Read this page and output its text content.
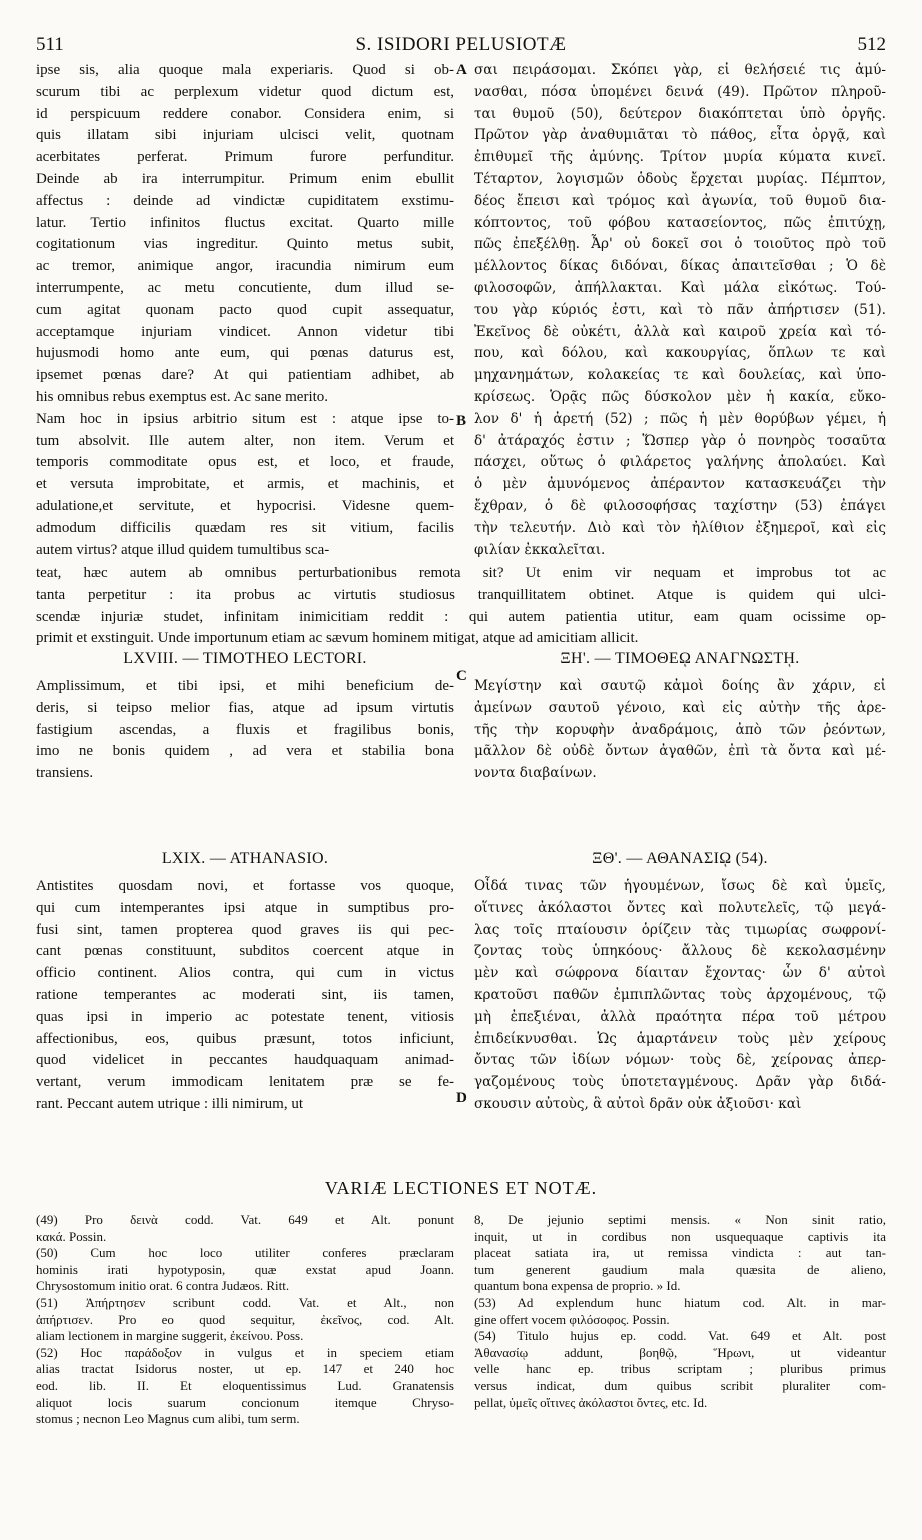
511	S. ISIDORI PELUSIOTÆ	512
ipse sis, alia quoque mala experiaris. Quod si ob-
scurum tibi ac perplexum videtur quod dictum est,
id perspicuum reddere conabor. Considera enim, si
quis illatam sibi injuriam ulcisci velit, quotnam
acerbitates perferat. Primum furore perfunditur.
Deinde ab ira interrumpitur. Primum enim ebullit
affectus : deinde ad vindictæ cupiditatem exstimu-
latur. Tertio infinitos fluctus excitat. Quarto mille
cogitationum vias ingreditur. Quinto metus subit,
ac tremor, animique angor, iracundia nimirum eum
interrumpente, ac metu concutiente, dum illud se-
cum agitat quonam pacto quod cupit assequatur,
acceptamque injuriam vindicet. Annon videtur tibi
hujusmodi homo ante eum, qui pœnas daturus est,
ipsemet pœnas dare? At qui patientiam adhibet, ab
his omnibus rebus exemptus est. Ac sane merito.
Nam hoc in ipsius arbitrio situm est : atque ipse to-
tum absolvit. Ille autem alter, non item. Verum et
temporis commoditate opus est, et loco, et fraude,
et versuta improbitate, et armis, et machinis, et
adulatione,et servitute, et hypocrisi. Videsne quem-
admodum difficilis quædam res sit vitium, facilis
autem virtus? atque illud quidem tumultibus sca-
σαι πειράσομαι. Σκόπει γὰρ, εἰ θελήσειέ τις ἀμύ-
νασθαι, πόσα ὑπομένει δεινά (49). Πρῶτον πληροῦ-
ται θυμοῦ (50), δεύτερον διακόπτεται ὑπὸ ὀργῆς.
Πρῶτον γὰρ ἀναθυμιᾶται τὸ πάθος, εἶτα ὀργᾷ, καὶ
ἐπιθυμεῖ τῆς ἀμύνης. Τρίτον μυρία κύματα κινεῖ.
Τέταρτον, λογισμῶν ὁδοὺς ἔρχεται μυρίας. Πέμπτον,
δέος ἔπεισι καὶ τρόμος καὶ ἀγωνία, τοῦ θυμοῦ δια-
κόπτοντος, τοῦ φόβου κατασείοντος, πῶς ἐπιτύχῃ,
πῶς ἐπεξέλθῃ. Ἆρ' οὐ δοκεῖ σοι ὁ τοιοῦτος πρὸ τοῦ
μέλλοντος δίκας διδόναι, δίκας ἀπαιτεῖσθαι ; Ὁ δὲ
φιλοσοφῶν, ἀπήλλακται. Καὶ μάλα εἰκότως. Τού-
του γὰρ κύριός ἐστι, καὶ τὸ πᾶν ἀπήρτισεν (51).
Ἐκεῖνος δὲ οὐκέτι, ἀλλὰ καὶ καιροῦ χρεία καὶ τό-
που, καὶ δόλου, καὶ κακουργίας, ὅπλων τε καὶ
μηχανημάτων, κολακείας τε καὶ δουλείας, καὶ ὑπο-
κρίσεως. Ὁρᾷς πῶς δύσκολον μὲν ἡ κακία, εὔκο-
λον δ' ἡ ἀρετή (52) ; πῶς ἡ μὲν θορύβων γέμει, ἡ
δ' ἀτάραχός ἐστιν ; Ὥσπερ γὰρ ὁ πονηρὸς τοσαῦτα
πάσχει, οὕτως ὁ φιλάρετος γαλήνης ἀπολαύει. Καὶ
ὁ μὲν ἀμυνόμενος ἀπέραντον κατασκευάζει τὴν
ἔχθραν, ὁ δὲ φιλοσοφήσας ταχίστην (53) ἐπάγει
τὴν τελευτήν. Διὸ καὶ τὸν ἠλίθιον ἐξημεροῖ, καὶ εἰς
φιλίαν ἐκκαλεῖται.
A
B
teat, hæc autem ab omnibus perturbationibus remota sit? Ut enim vir nequam et improbus tot ac
tanta perpetitur : ita probus ac virtutis studiosus tranquillitatem obtinet. Atque is quidem qui ulci-
scendæ injuriæ studet, infinitam inimicitiam reddit : qui autem patientia utitur, eam quam ocissime op-
primit et exstinguit. Unde importunum etiam ac sævum hominem mitigat, atque ad amicitiam allicit.
LXVIII. — TIMOTHEO LECTORI.	ΞΗ'. — ΤΙΜΟΘΕῼ ΑΝΑΓΝΩΣΤῌ.
C
Amplissimum, et tibi ipsi, et mihi beneficium de-
deris, si teipso melior fias, atque ad ipsum virtutis
fastigium ascendas, a fluxis et fragilibus bonis,
imo ne bonis quidem , ad vera et stabilia bona
transiens.
Μεγίστην καὶ σαυτῷ κἀμοὶ δοίης ἂν χάριν, εἰ
ἀμείνων σαυτοῦ γένοιο, καὶ εἰς αὐτὴν τῆς ἀρε-
τῆς τὴν κορυφὴν ἀναδράμοις, ἀπὸ τῶν ῥεόντων,
μᾶλλον δὲ οὐδὲ ὄντων ἀγαθῶν, ἐπὶ τὰ ὄντα καὶ μέ-
νοντα διαβαίνων.
LXIX. — ATHANASIO.	ΞΘ'. — ΑΘΑΝΑΣΙῼ (54).
Antistites quosdam novi, et fortasse vos quoque,
qui cum intemperantes ipsi atque in sumptibus pro-
fusi sint, tamen propterea quod graves iis qui pec-
cant pœnas constituunt, subditos coercent atque in
officio continent. Alios contra, qui cum in victus
ratione temperantes ac moderati sint, iis tamen,
quas ipsi in imperio ac potestate tenent, vitiosis
affectionibus, eos, quibus præsunt, totos inficiunt,
quod videlicet in peccantes haudquaquam animad-
vertant, verum immodicam lenitatem præ se fe-
rant. Peccant autem utrique : illi nimirum, ut
Οἶδά τινας τῶν ἡγουμένων, ἴσως δὲ καὶ ὑμεῖς,
οἵτινες ἀκόλαστοι ὄντες καὶ πολυτελεῖς, τῷ μεγά-
λας τοῖς πταίουσιν ὁρίζειν τὰς τιμωρίας σωφρονί-
ζοντας τοὺς ὑπηκόους· ἄλλους δὲ κεκολασμένην
μὲν καὶ σώφρονα δίαιταν ἔχοντας· ὧν δ' αὐτοὶ
κρατοῦσι παθῶν ἐμπιπλῶντας τοὺς ἀρχομένους, τῷ
μὴ ἐπεξιέναι, ἀλλὰ πραότητα πέρα τοῦ μέτρου
ἐπιδείκνυσθαι. Ὡς ἁμαρτάνειν τοὺς μὲν χείρους
ὄντας τῶν ἰδίων νόμων· τοὺς δὲ, χείρονας ἀπερ-
γαζομένους τοὺς ὑποτεταγμένους. Δρᾶν γὰρ διδά-
σκουσιν αὐτοὺς, ἃ αὐτοὶ δρᾶν οὐκ ἀξιοῦσι· καὶ
D
VARIÆ LECTIONES ET NOTÆ.
(49) Pro δεινὰ codd. Vat. 649 et Alt. ponunt
κακά. Possin.
(50) Cum hoc loco utiliter conferes præclaram
hominis irati hypotyposin, quæ exstat apud Joann.
Chrysostomum initio orat. 6 contra Judæos. Ritt.
(51) Ἀπήρτησεν scribunt codd. Vat. et Alt., non
ἀπήρτισεν. Pro eo quod sequitur, ἐκεῖνος, cod. Alt.
aliam lectionem in margine suggerit, ἐκείνου. Poss.
(52) Hoc παράδοξον in vulgus et in speciem etiam
alias tractat Isidorus noster, ut ep. 147 et 240 hoc
eod. lib. II. Et eloquentissimus Lud. Granatensis
aliquot locis suarum concionum itemque Chryso-
stomus ; necnon Leo Magnus cum alibi, tum serm.
8, De jejunio septimi mensis. « Non sinit ratio,
inquit, ut in cordibus non usquequaque captivis ita
placeat satiata ira, ut remissa vindicta : aut tan-
tum generent gaudium mala quæsita de alieno,
quantum bona expensa de proprio. » Id.
(53) Ad explendum hunc hiatum cod. Alt. in mar-
gine offert vocem φιλόσοφος. Possin.
(54) Titulo hujus ep. codd. Vat. 649 et Alt. post
Ἀθανασίῳ addunt, βοηθῷ, Ἥρωνι, ut videantur
velle hanc ep. tribus scriptam ; pluribus primus
versus indicat, dum quibus scribit pluraliter com-
pellat, ὑμεῖς οἵτινες ἀκόλαστοι ὄντες, etc. Id.
